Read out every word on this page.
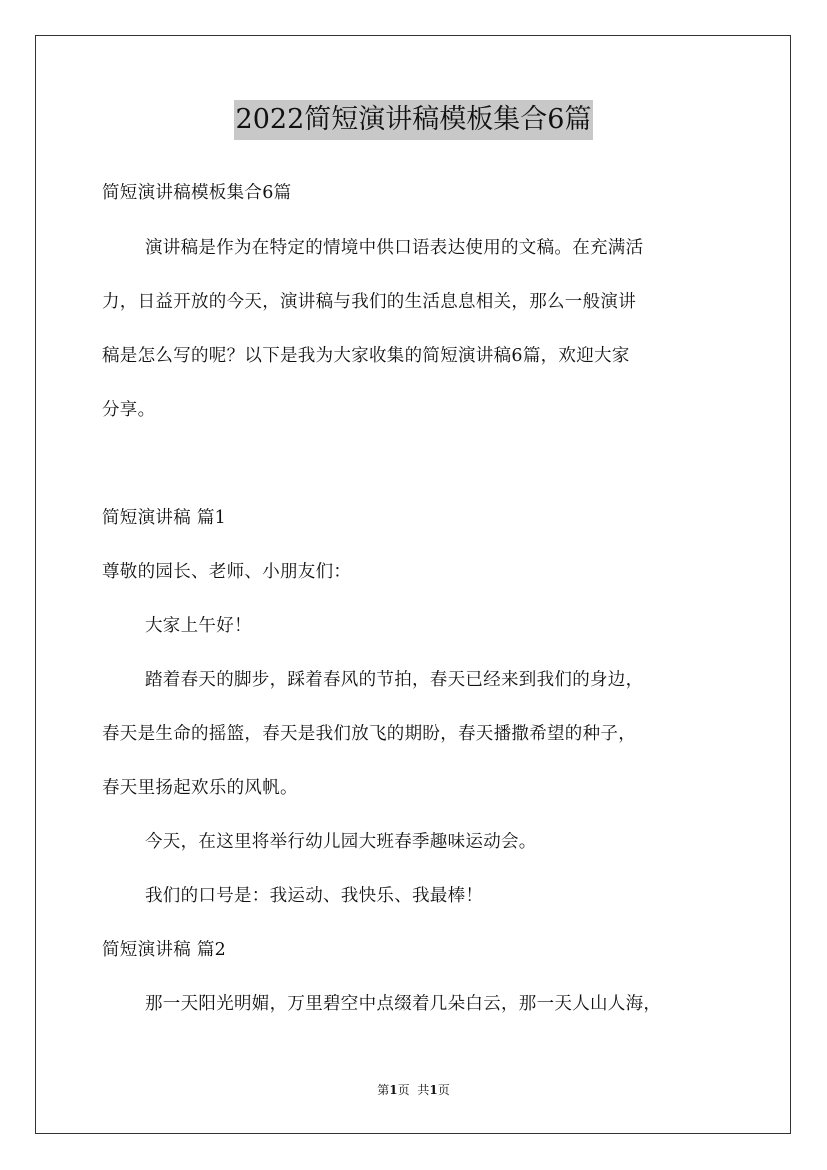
2022简短演讲稿模板集合6篇
简短演讲稿模板集合6篇
演讲稿是作为在特定的情境中供口语表达使用的文稿。在充满活
力，日益开放的今天，演讲稿与我们的生活息息相关，那么一般演讲
稿是怎么写的呢？以下是我为大家收集的简短演讲稿6篇，欢迎大家
分享。
简短演讲稿 篇1
尊敬的园长、老师、小朋友们：
大家上午好！
踏着春天的脚步，踩着春风的节拍，春天已经来到我们的身边，
春天是生命的摇篮，春天是我们放飞的期盼，春天播撒希望的种子，
春天里扬起欢乐的风帆。
今天，在这里将举行幼儿园大班春季趣味运动会。
我们的口号是：我运动、我快乐、我最棒！
简短演讲稿 篇2
那一天阳光明媚，万里碧空中点缀着几朵白云，那一天人山人海，
第1页 共1页
